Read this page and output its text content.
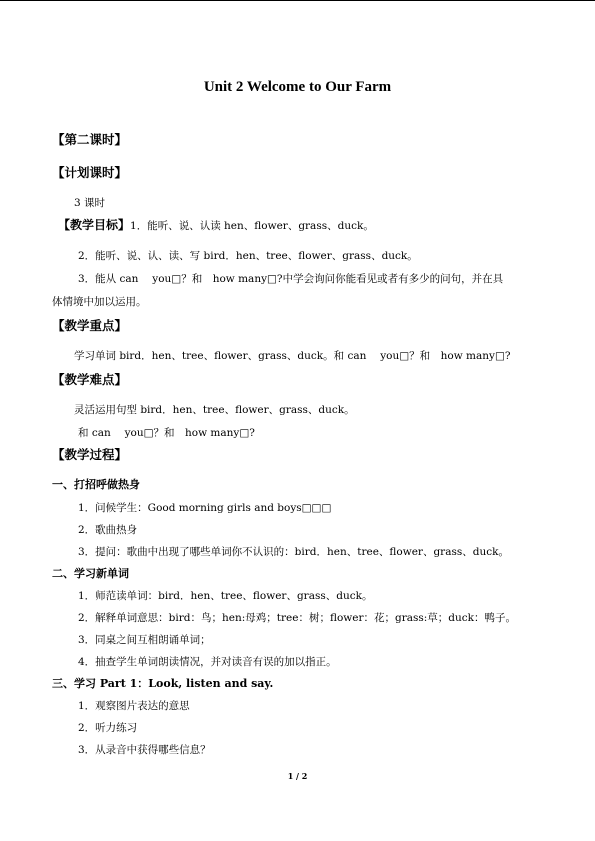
Unit 2 Welcome to Our Farm
【第二课时】
【计划课时】
3 课时
【教学目标】1．能听、说、认读 hen、flower、grass、duck。
2．能听、说、认、读、写 bird．hen、tree、flower、grass、duck。
3．能从 can　 you□？和　how many□?中学会询问你能看见或者有多少的问句，并在具
体情境中加以运用。
【教学重点】
学习单词 bird．hen、tree、flower、grass、duck。和 can　 you□？和　how many□?
【教学难点】
灵活运用句型 bird．hen、tree、flower、grass、duck。
和 can　 you□？和　how many□?
【教学过程】
一、打招呼做热身
1．问候学生：Good morning girls and boys□□□
2．歌曲热身
3．提问：歌曲中出现了哪些单词你不认识的：bird．hen、tree、flower、grass、duck。
二、学习新单词
1．师范读单词：bird．hen、tree、flower、grass、duck。
2．解释单词意思：bird：鸟；hen:母鸡；tree：树；flower：花；grass:草；duck：鸭子。
3．同桌之间互相朗诵单词；
4．抽查学生单词朗读情况，并对读音有误的加以指正。
三、学习 Part 1：Look, listen and say.
1．观察图片表达的意思
2．听力练习
3．从录音中获得哪些信息？
1 / 2
